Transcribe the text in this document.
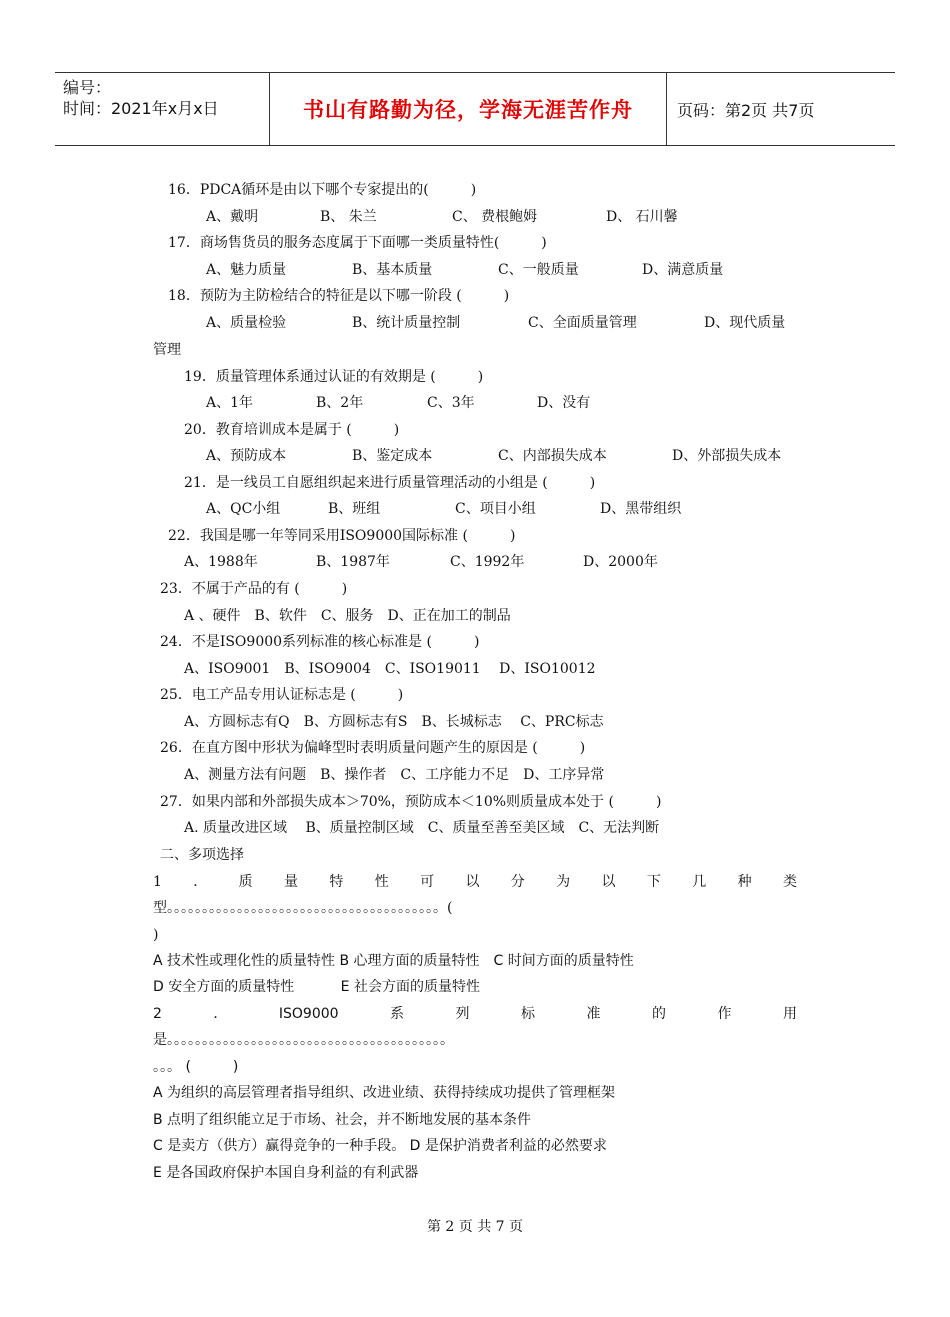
编号：
时间：2021年x月x日	书山有路勤为径，学海无涯苦作舟	页码：第2页 共7页
16．PDCA循环是由以下哪个专家提出的(　　　)
A、戴明	B、 朱兰	C、 费根鲍姆	D、 石川馨
17．商场售货员的服务态度属于下面哪一类质量特性(　　　)
A、魅力质量	B、基本质量	C、一般质量	D、满意质量
18．预防为主防检结合的特征是以下哪一阶段 (　　　)
A、质量检验	B、统计质量控制	C、全面质量管理	D、现代质量
管理
19．质量管理体系通过认证的有效期是 (　　　)
A、1年	B、2年	C、3年	D、没有
20．教育培训成本是属于 (　　　)
A、预防成本	B、鉴定成本	C、内部损失成本	D、外部损失成本
21．是一线员工自愿组织起来进行质量管理活动的小组是 (　　　)
A、QC小组	B、班组	C、项目小组	D、黑带组织
22．我国是哪一年等同采用ISO9000国际标准 (　　　)
A、1988年	B、1987年	C、1992年	D、2000年
23．不属于产品的有 (　　　)
A 、硬件　B、软件　C、服务　D、正在加工的制品
24．不是ISO9000系列标准的核心标准是 (　　　)
A、ISO9001　B、ISO9004　C、ISO19011　 D、ISO10012
25．电工产品专用认证标志是 (　　　)
A、方圆标志有Q　B、方圆标志有S　B、长城标志　 C、PRC标志
26．在直方图中形状为偏峰型时表明质量问题产生的原因是 (　　　)
A、测量方法有问题　B、操作者　C、工序能力不足　D、工序异常
27．如果内部和外部损失成本＞70%，预防成本＜10%则质量成本处于 (　　　)
A. 质量改进区域　 B、质量控制区域　C、质量至善至美区域　C、无法判断
二、多项选择
1 ． 质 量 特 性 可 以 分 为 以 下 几 种 类
型。。。。。。。。。。。。。。。。。。。。。。。。。。。。。。。。。。。。。。。(
)
A 技术性或理化性的质量特性 B 心理方面的质量特性　C 时间方面的质量特性
D 安全方面的质量特性　　　 E 社会方面的质量特性
2	．	ISO9000	系	列	标	准	的	作	用
是。。。。。。。。。。。。。。。。。。。。。。。。。。。。。。。。。。。。。。。。
。。。 (　　　)
A 为组织的高层管理者指导组织、改进业绩、获得持续成功提供了管理框架
B 点明了组织能立足于市场、社会，并不断地发展的基本条件
C 是卖方（供方）赢得竞争的一种手段。 D 是保护消费者利益的必然要求
E 是各国政府保护本国自身利益的有利武器
第 2 页 共 7 页
